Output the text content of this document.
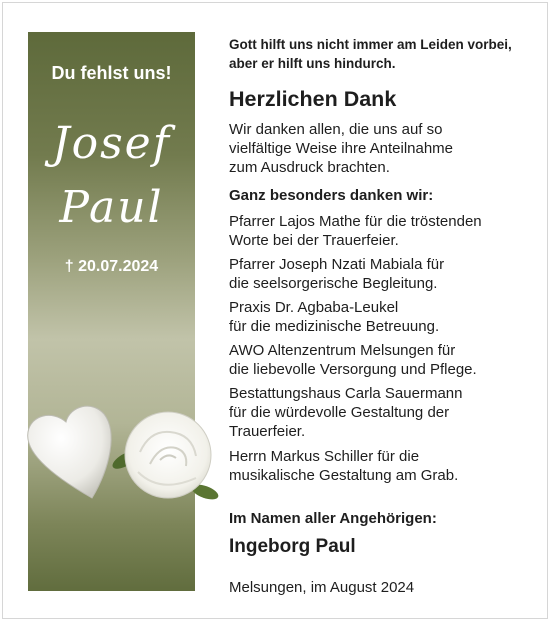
Du fehlst uns!
Josef
Paul
† 20.07.2024
Gott hilft uns nicht immer am Leiden vorbei,
aber er hilft uns hindurch.
Herzlichen Dank
Wir danken allen, die uns auf so
vielfältige Weise ihre Anteilnahme
zum Ausdruck brachten.
Ganz besonders danken wir:
Pfarrer Lajos Mathe für die tröstenden
Worte bei der Trauerfeier.
Pfarrer Joseph Nzati Mabiala für
die seelsorgerische Begleitung.
Praxis Dr. Agbaba-Leukel
für die medizinische Betreuung.
AWO Altenzentrum Melsungen für
die liebevolle Versorgung und Pflege.
Bestattungshaus Carla Sauermann
für die würdevolle Gestaltung der
Trauerfeier.
Herrn Markus Schiller für die
musikalische Gestaltung am Grab.
Im Namen aller Angehörigen:
Ingeborg Paul
Melsungen, im August 2024
